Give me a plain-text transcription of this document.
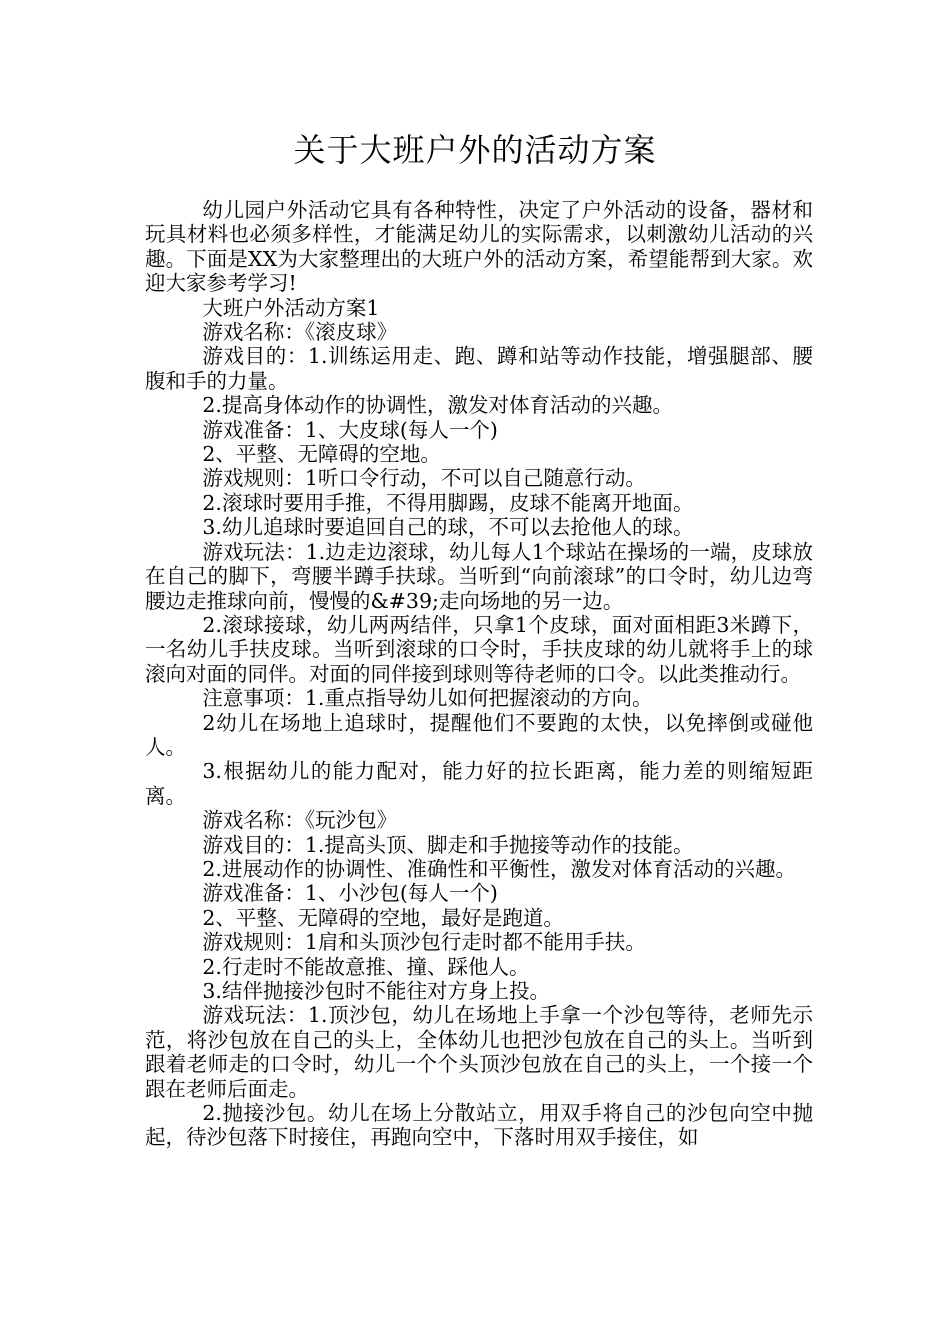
关于大班户外的活动方案

幼儿园户外活动它具有各种特性，决定了户外活动的设备，器材和玩具材料也必须多样性，才能满足幼儿的实际需求，以刺激幼儿活动的兴趣。下面是XX为大家整理出的大班户外的活动方案，希望能帮到大家。欢迎大家参考学习!

大班户外活动方案1

游戏名称：《滚皮球》

游戏目的：1.训练运用走、跑、蹲和站等动作技能，增强腿部、腰腹和手的力量。

2.提高身体动作的协调性，激发对体育活动的兴趣。

游戏准备：1、大皮球(每人一个)

2、平整、无障碍的空地。

游戏规则：1听口令行动，不可以自己随意行动。

2.滚球时要用手推，不得用脚踢，皮球不能离开地面。

3.幼儿追球时要追回自己的球，不可以去抢他人的球。

游戏玩法：1.边走边滚球，幼儿每人1个球站在操场的一端，皮球放在自己的脚下，弯腰半蹲手扶球。当听到“向前滚球”的口令时，幼儿边弯腰边走推球向前，慢慢的&#39;走向场地的另一边。

2.滚球接球，幼儿两两结伴，只拿1个皮球，面对面相距3米蹲下，一名幼儿手扶皮球。当听到滚球的口令时，手扶皮球的幼儿就将手上的球滚向对面的同伴。对面的同伴接到球则等待老师的口令。以此类推动行。

注意事项：1.重点指导幼儿如何把握滚动的方向。

2幼儿在场地上追球时，提醒他们不要跑的太快，以免摔倒或碰他人。

3.根据幼儿的能力配对，能力好的拉长距离，能力差的则缩短距离。

游戏名称：《玩沙包》

游戏目的：1.提高头顶、脚走和手抛接等动作的技能。

2.进展动作的协调性、准确性和平衡性，激发对体育活动的兴趣。

游戏准备：1、小沙包(每人一个)

2、平整、无障碍的空地，最好是跑道。

游戏规则：1肩和头顶沙包行走时都不能用手扶。

2.行走时不能故意推、撞、踩他人。

3.结伴抛接沙包时不能往对方身上投。

游戏玩法：1.顶沙包，幼儿在场地上手拿一个沙包等待，老师先示范，将沙包放在自己的头上，全体幼儿也把沙包放在自己的头上。当听到跟着老师走的口令时，幼儿一个个头顶沙包放在自己的头上，一个接一个跟在老师后面走。

2.抛接沙包。幼儿在场上分散站立，用双手将自己的沙包向空中抛起，待沙包落下时接住，再跑向空中，下落时用双手接住，如
